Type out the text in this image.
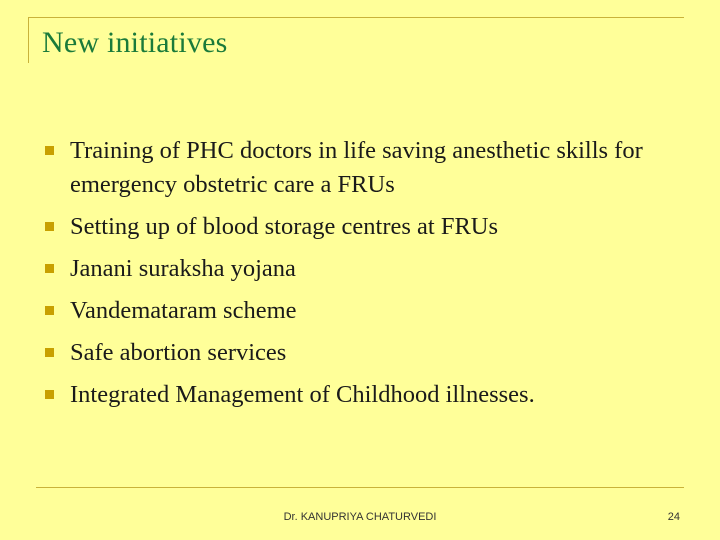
New initiatives
Training of PHC doctors in life saving anesthetic skills for emergency obstetric care a FRUs
Setting up of blood storage centres at FRUs
Janani suraksha yojana
Vandemataram scheme
Safe abortion services
Integrated Management of Childhood illnesses.
Dr. KANUPRIYA CHATURVEDI	24
